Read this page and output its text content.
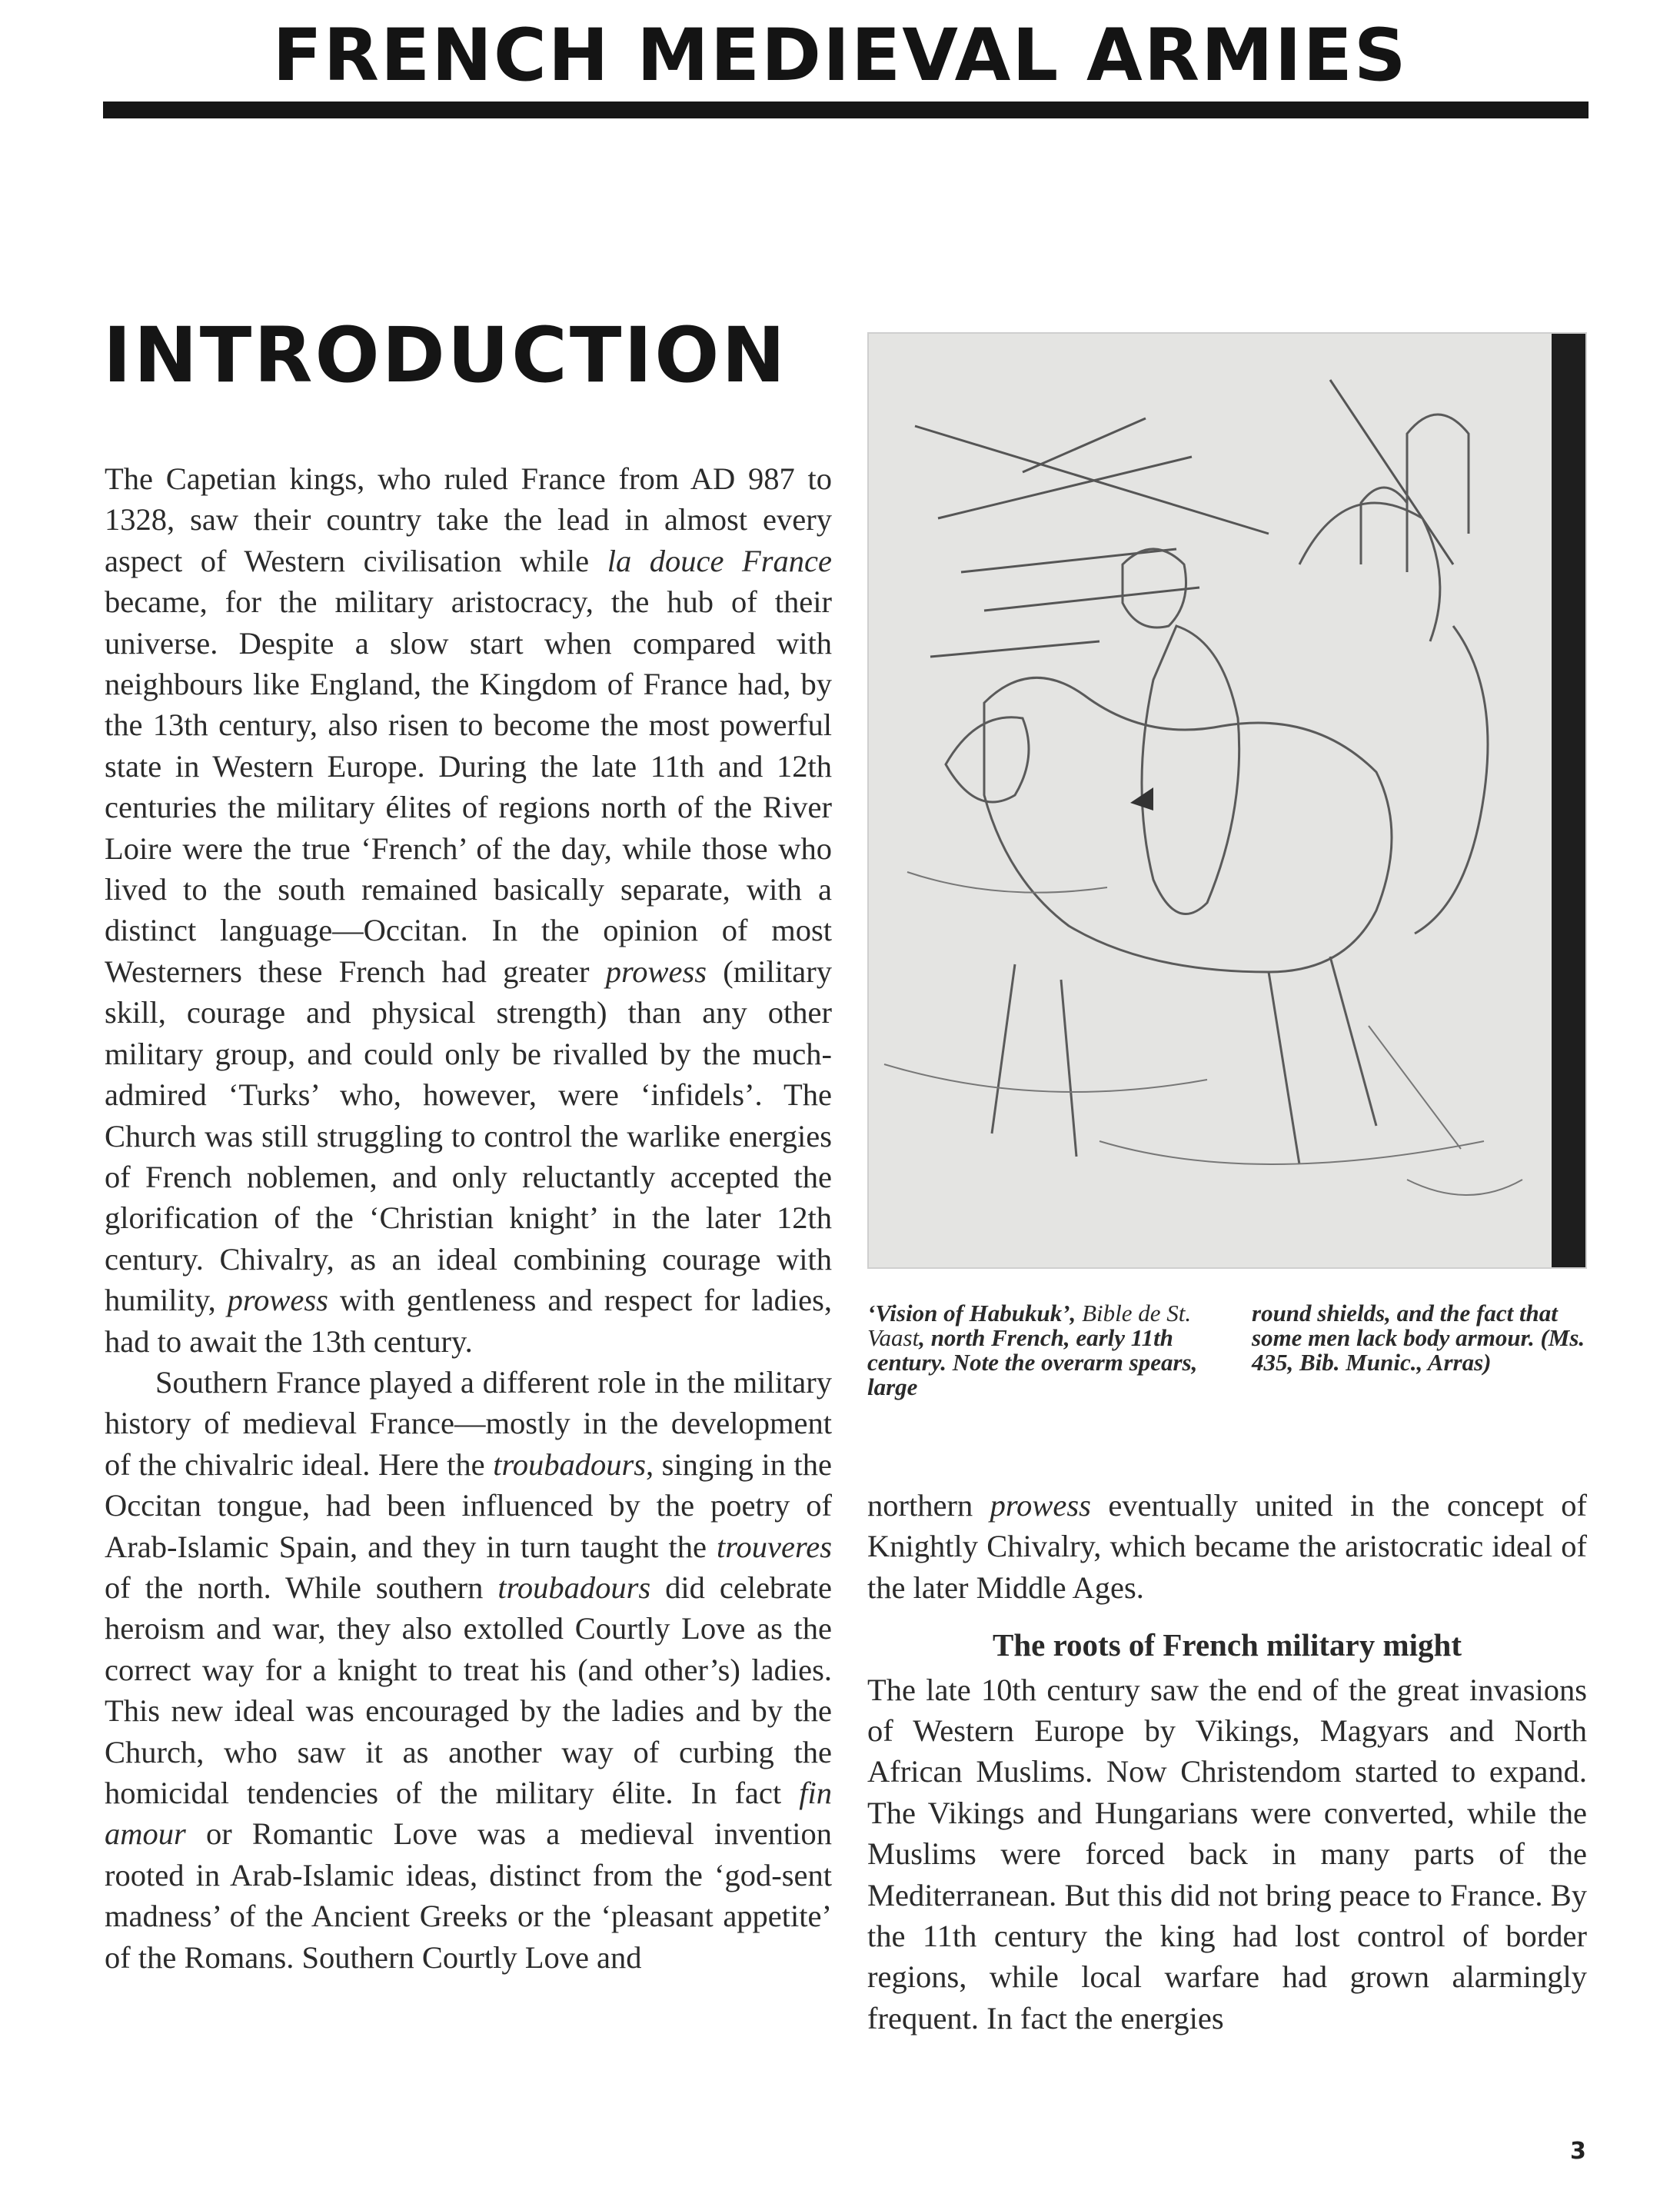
FRENCH MEDIEVAL ARMIES
INTRODUCTION

The Capetian kings, who ruled France from AD 987 to 1328, saw their country take the lead in almost every aspect of Western civilisation while la douce France became, for the military aristocracy, the hub of their universe. Despite a slow start when compared with neighbours like England, the Kingdom of France had, by the 13th century, also risen to become the most powerful state in Western Europe. During the late 11th and 12th centuries the military élites of regions north of the River Loire were the true ‘French’ of the day, while those who lived to the south remained basically separate, with a distinct language—Occitan. In the opinion of most Westerners these French had greater prowess (military skill, courage and physical strength) than any other military group, and could only be rivalled by the much-admired ‘Turks’ who, however, were ‘infidels’. The Church was still struggling to control the warlike energies of French noblemen, and only reluctantly accepted the glorification of the ‘Christian knight’ in the later 12th century. Chivalry, as an ideal combining courage with humility, prowess with gentleness and respect for ladies, had to await the 13th century.

Southern France played a different role in the military history of medieval France—mostly in the development of the chivalric ideal. Here the troubadours, singing in the Occitan tongue, had been influenced by the poetry of Arab-Islamic Spain, and they in turn taught the trouveres of the north. While southern troubadours did celebrate heroism and war, they also extolled Courtly Love as the correct way for a knight to treat his (and other’s) ladies. This new ideal was encouraged by the ladies and by the Church, who saw it as another way of curbing the homicidal tendencies of the military élite. In fact fin amour or Romantic Love was a medieval invention rooted in Arab-Islamic ideas, distinct from the ‘god-sent madness’ of the Ancient Greeks or the ‘pleasant appetite’ of the Romans. Southern Courtly Love and

‘Vision of Habukuk’, Bible de St. Vaast, north French, early 11th century. Note the overarm spears, large

round shields, and the fact that some men lack body armour. (Ms. 435, Bib. Munic., Arras)

northern prowess eventually united in the concept of Knightly Chivalry, which became the aristocratic ideal of the later Middle Ages.

The roots of French military might

The late 10th century saw the end of the great invasions of Western Europe by Vikings, Magyars and North African Muslims. Now Christendom started to expand. The Vikings and Hungarians were converted, while the Muslims were forced back in many parts of the Mediterranean. But this did not bring peace to France. By the 11th century the king had lost control of border regions, while local warfare had grown alarmingly frequent. In fact the energies

3
